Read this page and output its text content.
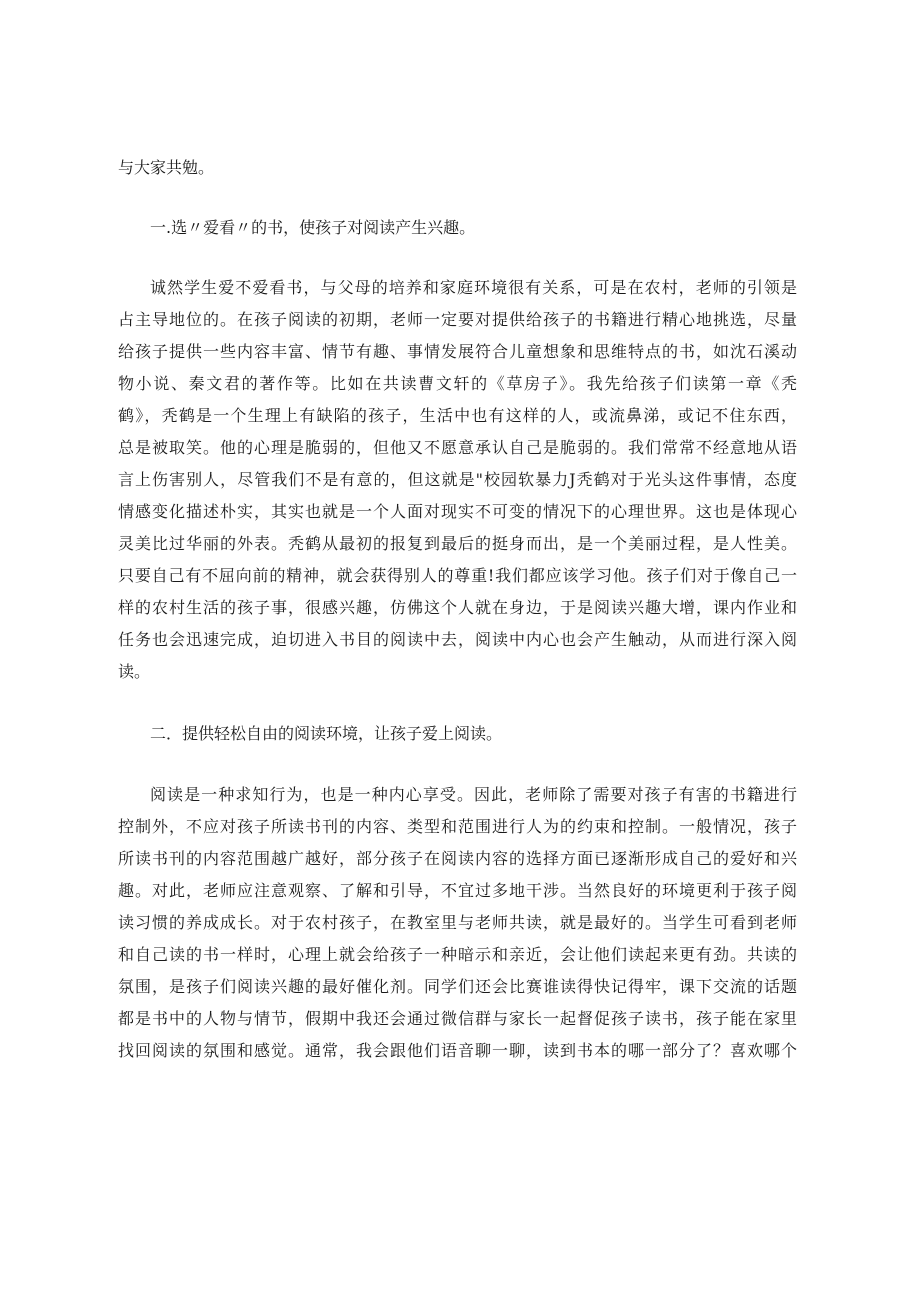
与大家共勉。

一.选〃爱看〃的书，使孩子对阅读产生兴趣。

诚然学生爱不爱看书，与父母的培养和家庭环境很有关系，可是在农村，老师的引领是

占主导地位的。在孩子阅读的初期，老师一定要对提供给孩子的书籍进行精心地挑选，尽量

给孩子提供一些内容丰富、情节有趣、事情发展符合儿童想象和思维特点的书，如沈石溪动

物小说、秦文君的著作等。比如在共读曹文轩的《草房子》。我先给孩子们读第一章《秃

鹤》，秃鹤是一个生理上有缺陷的孩子，生活中也有这样的人，或流鼻涕，或记不住东西，

总是被取笑。他的心理是脆弱的，但他又不愿意承认自己是脆弱的。我们常常不经意地从语

言上伤害别人，尽管我们不是有意的，但这就是"校园软暴力J秃鹤对于光头这件事情，态度

情感变化描述朴实，其实也就是一个人面对现实不可变的情况下的心理世界。这也是体现心

灵美比过华丽的外表。秃鹤从最初的报复到最后的挺身而出，是一个美丽过程，是人性美。

只要自己有不屈向前的精神，就会获得别人的尊重!我们都应该学习他。孩子们对于像自己一

样的农村生活的孩子事，很感兴趣，仿佛这个人就在身边，于是阅读兴趣大增，课内作业和

任务也会迅速完成，迫切进入书目的阅读中去，阅读中内心也会产生触动，从而进行深入阅

读。

二．提供轻松自由的阅读环境，让孩子爱上阅读。

阅读是一种求知行为，也是一种内心享受。因此，老师除了需要对孩子有害的书籍进行

控制外，不应对孩子所读书刊的内容、类型和范围进行人为的约束和控制。一般情况，孩子

所读书刊的内容范围越广越好，部分孩子在阅读内容的选择方面已逐渐形成自己的爱好和兴

趣。对此，老师应注意观察、了解和引导，不宜过多地干涉。当然良好的环境更利于孩子阅

读习惯的养成成长。对于农村孩子，在教室里与老师共读，就是最好的。当学生可看到老师

和自己读的书一样时，心理上就会给孩子一种暗示和亲近，会让他们读起来更有劲。共读的

氛围，是孩子们阅读兴趣的最好催化剂。同学们还会比赛谁读得快记得牢，课下交流的话题

都是书中的人物与情节，假期中我还会通过微信群与家长一起督促孩子读书，孩子能在家里

找回阅读的氛围和感觉。通常，我会跟他们语音聊一聊，读到书本的哪一部分了？喜欢哪个
